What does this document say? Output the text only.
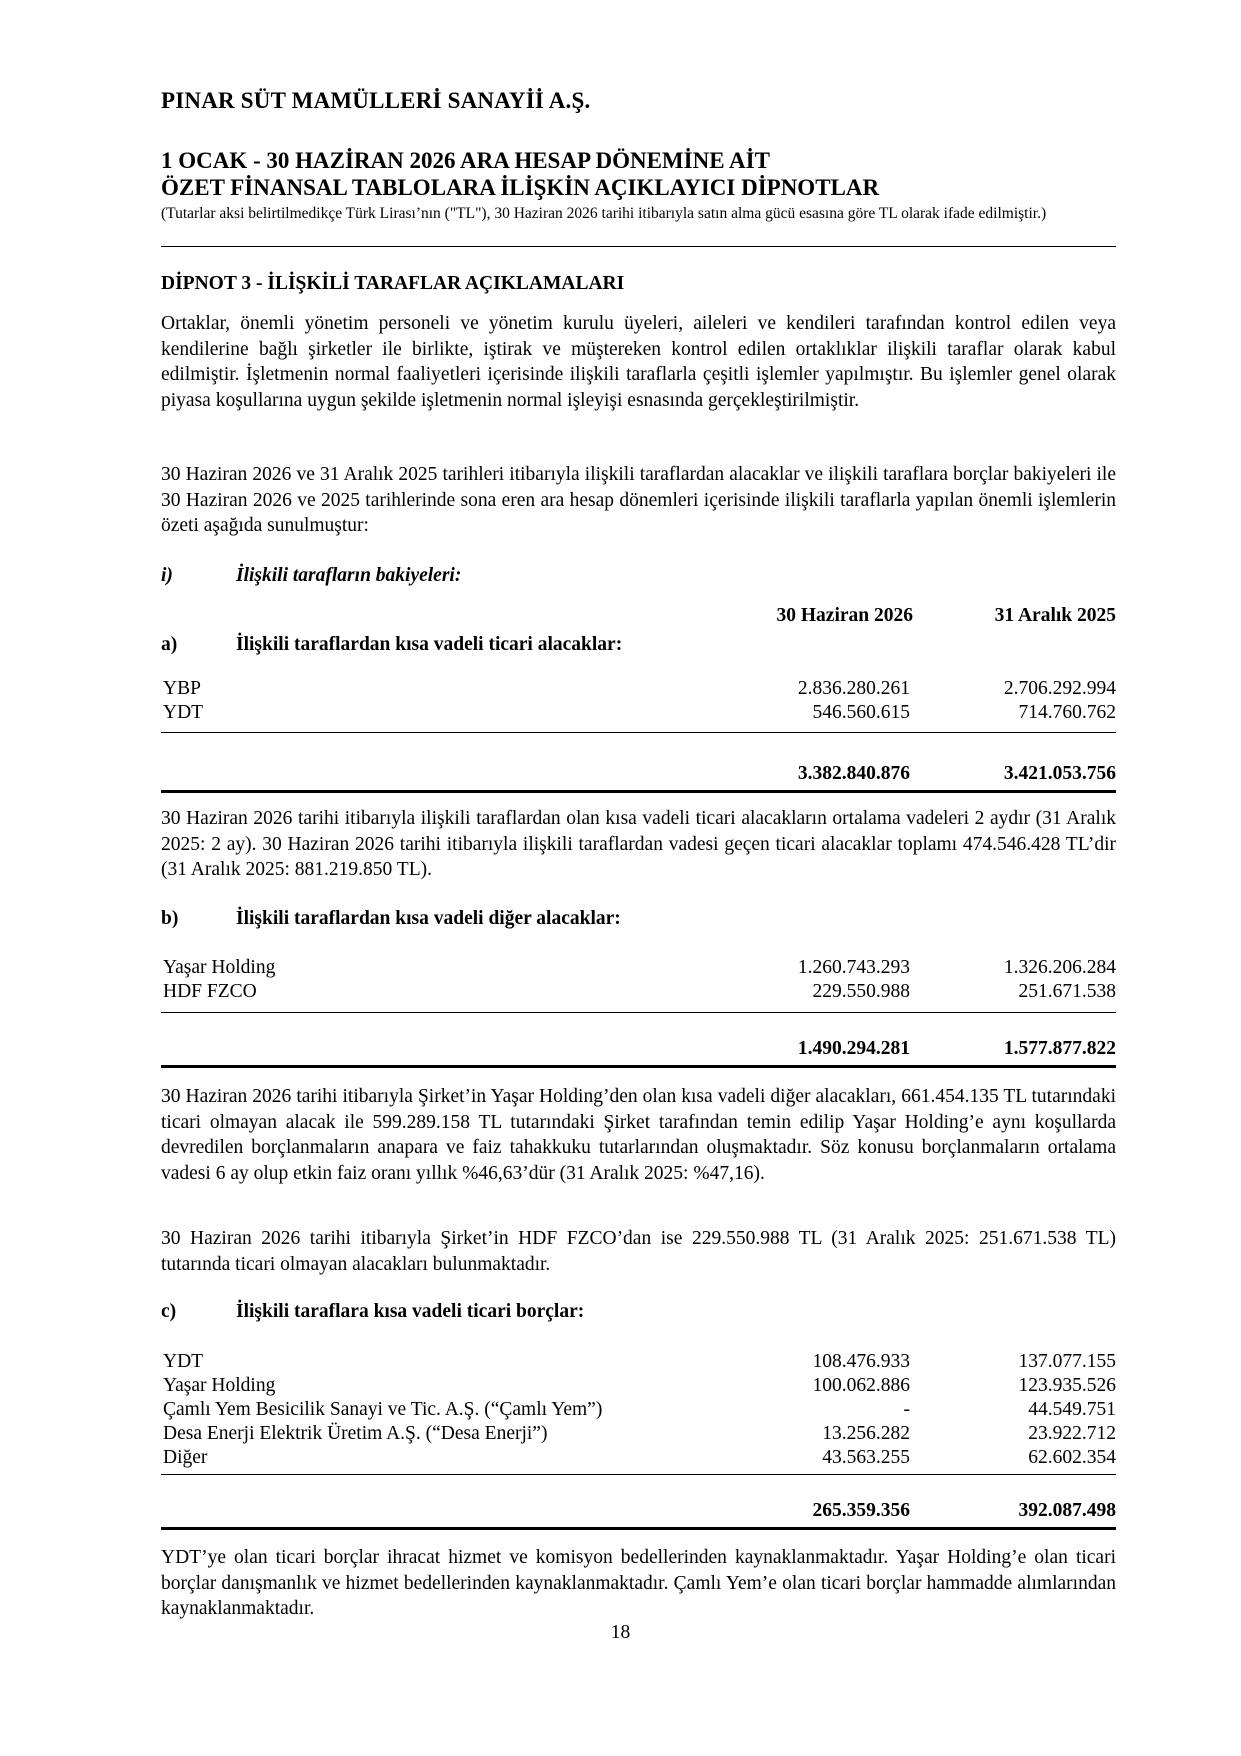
PINAR SÜT MAMÜLLERİ SANAYİİ A.Ş.
1 OCAK - 30 HAZİRAN 2026 ARA HESAP DÖNEMİNE AİT
ÖZET FİNANSAL TABLOLARA İLİŞKİN AÇIKLAYICI DİPNOTLAR
(Tutarlar aksi belirtilmedikçe Türk Lirası’nın ("TL"), 30 Haziran 2026 tarihi itibarıyla satın alma gücü esasına göre TL olarak ifade edilmiştir.)
DİPNOT 3 - İLİŞKİLİ TARAFLAR AÇIKLAMALARI

Ortaklar, önemli yönetim personeli ve yönetim kurulu üyeleri, aileleri ve kendileri tarafından kontrol edilen veya kendilerine bağlı şirketler ile birlikte, iştirak ve müştereken kontrol edilen ortaklıklar ilişkili taraflar olarak kabul edilmiştir. İşletmenin normal faaliyetleri içerisinde ilişkili taraflarla çeşitli işlemler yapılmıştır. Bu işlemler genel olarak piyasa koşullarına uygun şekilde işletmenin normal işleyişi esnasında gerçekleştirilmiştir.

30 Haziran 2026 ve 31 Aralık 2025 tarihleri itibarıyla ilişkili taraflardan alacaklar ve ilişkili taraflara borçlar bakiyeleri ile 30 Haziran 2026 ve 2025 tarihlerinde sona eren ara hesap dönemleri içerisinde ilişkili taraflarla yapılan önemli işlemlerin özeti aşağıda sunulmuştur:

i)	İlişkili tarafların bakiyeleri:
30 Haziran 2026	31 Aralık 2025
a)	İlişkili taraflardan kısa vadeli ticari alacaklar:
YBP	2.836.280.261	2.706.292.994
YDT	546.560.615	714.760.762
3.382.840.876	3.421.053.756

30 Haziran 2026 tarihi itibarıyla ilişkili taraflardan olan kısa vadeli ticari alacakların ortalama vadeleri 2 aydır (31 Aralık 2025: 2 ay). 30 Haziran 2026 tarihi itibarıyla ilişkili taraflardan vadesi geçen ticari alacaklar toplamı 474.546.428 TL’dir (31 Aralık 2025: 881.219.850 TL).

b)	İlişkili taraflardan kısa vadeli diğer alacaklar:
Yaşar Holding	1.260.743.293	1.326.206.284
HDF FZCO	229.550.988	251.671.538
1.490.294.281	1.577.877.822

30 Haziran 2026 tarihi itibarıyla Şirket’in Yaşar Holding’den olan kısa vadeli diğer alacakları, 661.454.135 TL tutarındaki ticari olmayan alacak ile 599.289.158 TL tutarındaki Şirket tarafından temin edilip Yaşar Holding’e aynı koşullarda devredilen borçlanmaların anapara ve faiz tahakkuku tutarlarından oluşmaktadır. Söz konusu borçlanmaların ortalama vadesi 6 ay olup etkin faiz oranı yıllık %46,63’dür (31 Aralık 2025: %47,16).

30 Haziran 2026 tarihi itibarıyla Şirket’in HDF FZCO’dan ise 229.550.988 TL (31 Aralık 2025: 251.671.538 TL) tutarında ticari olmayan alacakları bulunmaktadır.

c)	İlişkili taraflara kısa vadeli ticari borçlar:
YDT	108.476.933	137.077.155
Yaşar Holding	100.062.886	123.935.526
Çamlı Yem Besicilik Sanayi ve Tic. A.Ş. (“Çamlı Yem”)	-	44.549.751
Desa Enerji Elektrik Üretim A.Ş. (“Desa Enerji”)	13.256.282	23.922.712
Diğer	43.563.255	62.602.354
265.359.356	392.087.498

YDT’ye olan ticari borçlar ihracat hizmet ve komisyon bedellerinden kaynaklanmaktadır. Yaşar Holding’e olan ticari borçlar danışmanlık ve hizmet bedellerinden kaynaklanmaktadır. Çamlı Yem’e olan ticari borçlar hammadde alımlarından kaynaklanmaktadır.

18
